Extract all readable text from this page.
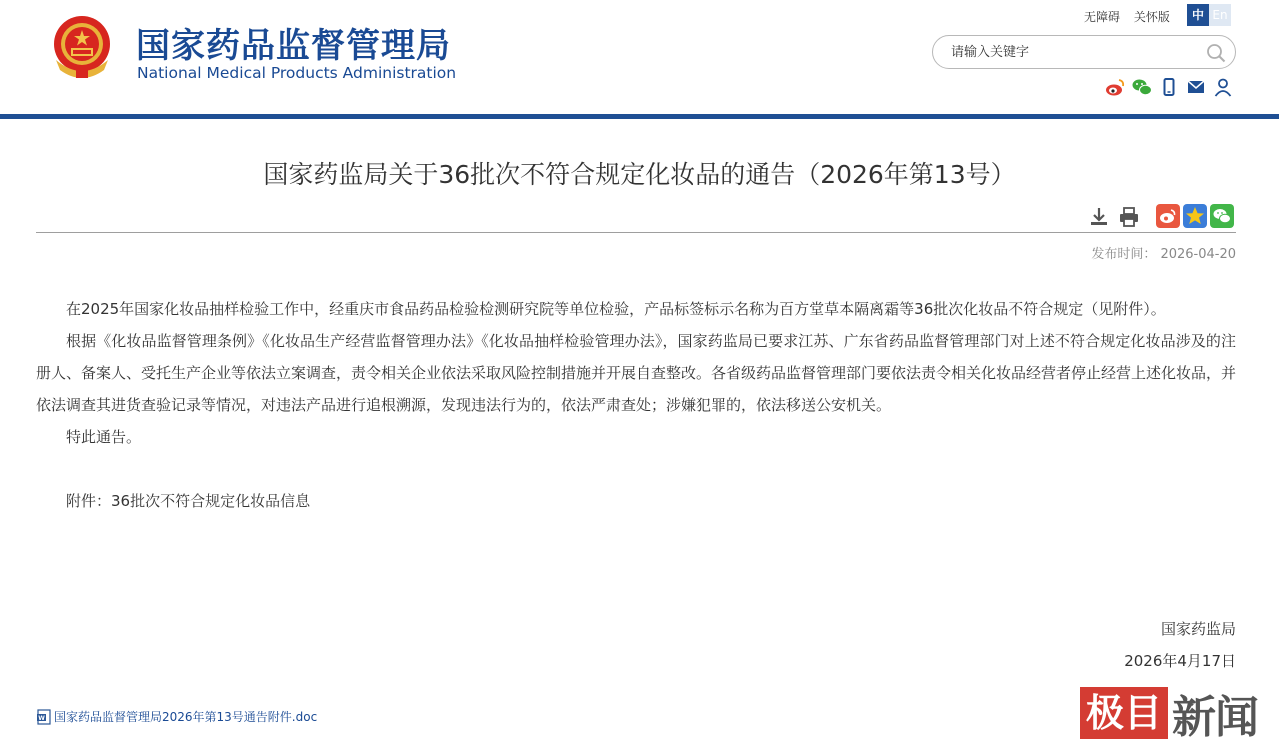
国家药品监督管理局
National Medical Products Administration
无障碍 关怀版	中 En
请输入关键字
国家药监局关于36批次不符合规定化妆品的通告（2026年第13号）
发布时间： 2026-04-20

在2025年国家化妆品抽样检验工作中，经重庆市食品药品检验检测研究院等单位检验，产品标签标示名称为百方堂草本隔离霜等36批次化妆品不符合规定（见附件）。

根据《化妆品监督管理条例》《化妆品生产经营监督管理办法》《化妆品抽样检验管理办法》，国家药监局已要求江苏、广东省药品监督管理部门对上述不符合规定化妆品涉及的注册人、备案人、受托生产企业等依法立案调查，责令相关企业依法采取风险控制措施并开展自查整改。各省级药品监督管理部门要依法责令相关化妆品经营者停止经营上述化妆品，并依法调查其进货查验记录等情况，对违法产品进行追根溯源，发现违法行为的，依法严肃查处；涉嫌犯罪的，依法移送公安机关。

特此通告。

附件：36批次不符合规定化妆品信息

国家药监局
2026年4月17日
W 国家药品监督管理局2026年第13号通告附件.doc	极目 新闻
